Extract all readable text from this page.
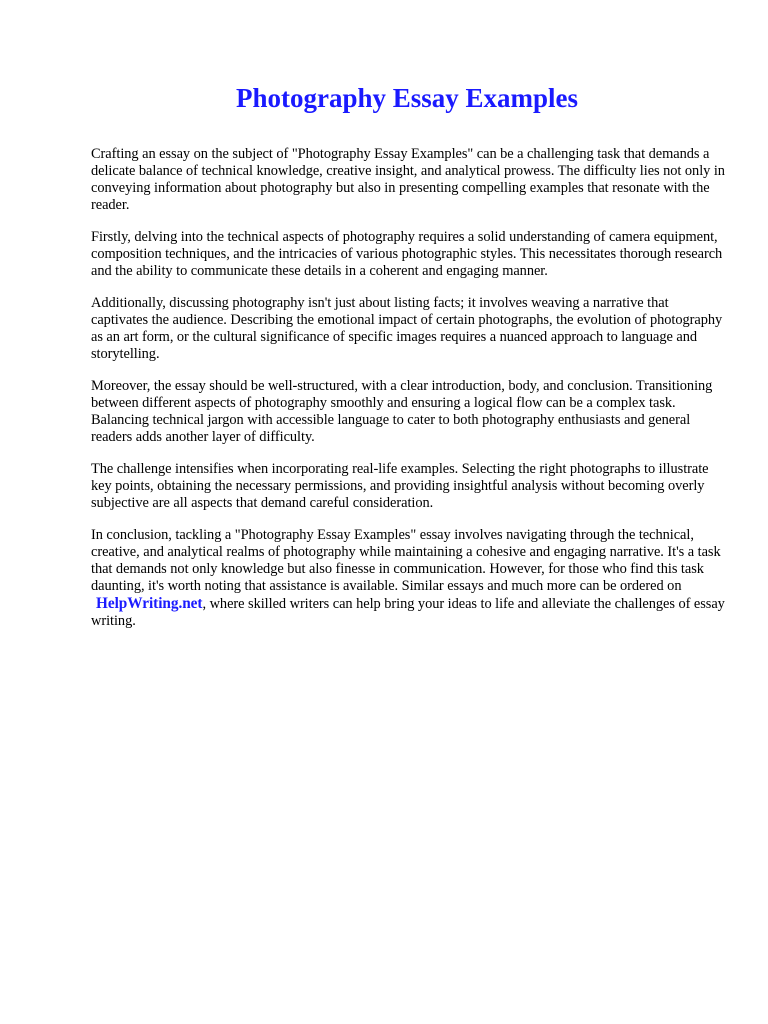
Photography Essay Examples

Crafting an essay on the subject of "Photography Essay Examples" can be a challenging task that demands a delicate balance of technical knowledge, creative insight, and analytical prowess. The difficulty lies not only in conveying information about photography but also in presenting compelling examples that resonate with the reader.

Firstly, delving into the technical aspects of photography requires a solid understanding of camera equipment, composition techniques, and the intricacies of various photographic styles. This necessitates thorough research and the ability to communicate these details in a coherent and engaging manner.

Additionally, discussing photography isn't just about listing facts; it involves weaving a narrative that captivates the audience. Describing the emotional impact of certain photographs, the evolution of photography as an art form, or the cultural significance of specific images requires a nuanced approach to language and storytelling.

Moreover, the essay should be well-structured, with a clear introduction, body, and conclusion. Transitioning between different aspects of photography smoothly and ensuring a logical flow can be a complex task. Balancing technical jargon with accessible language to cater to both photography enthusiasts and general readers adds another layer of difficulty.

The challenge intensifies when incorporating real-life examples. Selecting the right photographs to illustrate key points, obtaining the necessary permissions, and providing insightful analysis without becoming overly subjective are all aspects that demand careful consideration.

In conclusion, tackling a "Photography Essay Examples" essay involves navigating through the technical, creative, and analytical realms of photography while maintaining a cohesive and engaging narrative. It's a task that demands not only knowledge but also finesse in communication. However, for those who find this task daunting, it's worth noting that assistance is available. Similar essays and much more can be ordered on HelpWriting.net, where skilled writers can help bring your ideas to life and alleviate the challenges of essay writing.
